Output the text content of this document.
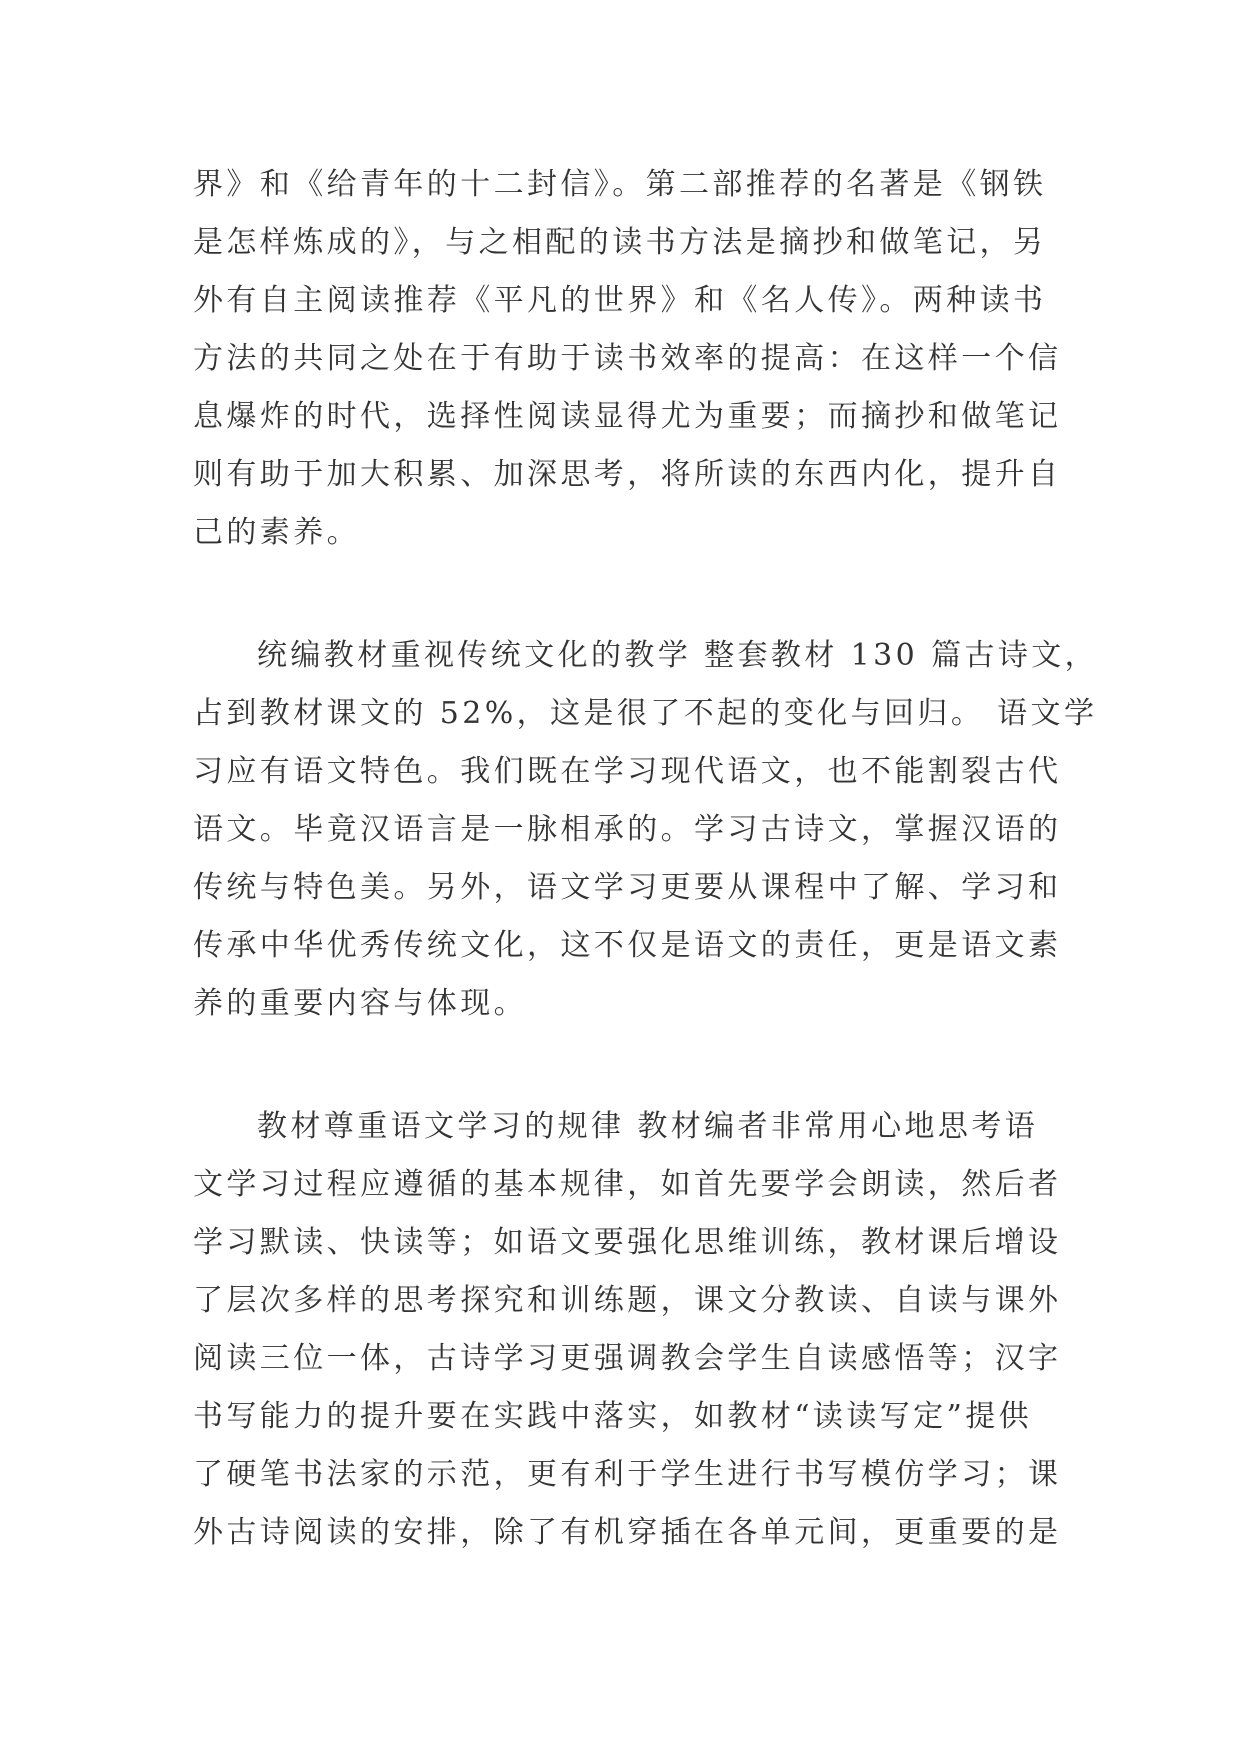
界》和《给青年的十二封信》。第二部推荐的名著是《钢铁
是怎样炼成的》，与之相配的读书方法是摘抄和做笔记，另
外有自主阅读推荐《平凡的世界》和《名人传》。两种读书
方法的共同之处在于有助于读书效率的提高：在这样一个信
息爆炸的时代，选择性阅读显得尤为重要；而摘抄和做笔记
则有助于加大积累、加深思考，将所读的东西内化，提升自
己的素养。
统编教材重视传统文化的教学 整套教材 130 篇古诗文，
占到教材课文的 52%，这是很了不起的变化与回归。 语文学
习应有语文特色。我们既在学习现代语文，也不能割裂古代
语文。毕竟汉语言是一脉相承的。学习古诗文，掌握汉语的
传统与特色美。另外，语文学习更要从课程中了解、学习和
传承中华优秀传统文化，这不仅是语文的责任，更是语文素
养的重要内容与体现。
教材尊重语文学习的规律 教材编者非常用心地思考语
文学习过程应遵循的基本规律，如首先要学会朗读，然后者
学习默读、快读等；如语文要强化思维训练，教材课后增设
了层次多样的思考探究和训练题，课文分教读、自读与课外
阅读三位一体，古诗学习更强调教会学生自读感悟等；汉字
书写能力的提升要在实践中落实，如教材“读读写定”提供
了硬笔书法家的示范，更有利于学生进行书写模仿学习；课
外古诗阅读的安排，除了有机穿插在各单元间，更重要的是
